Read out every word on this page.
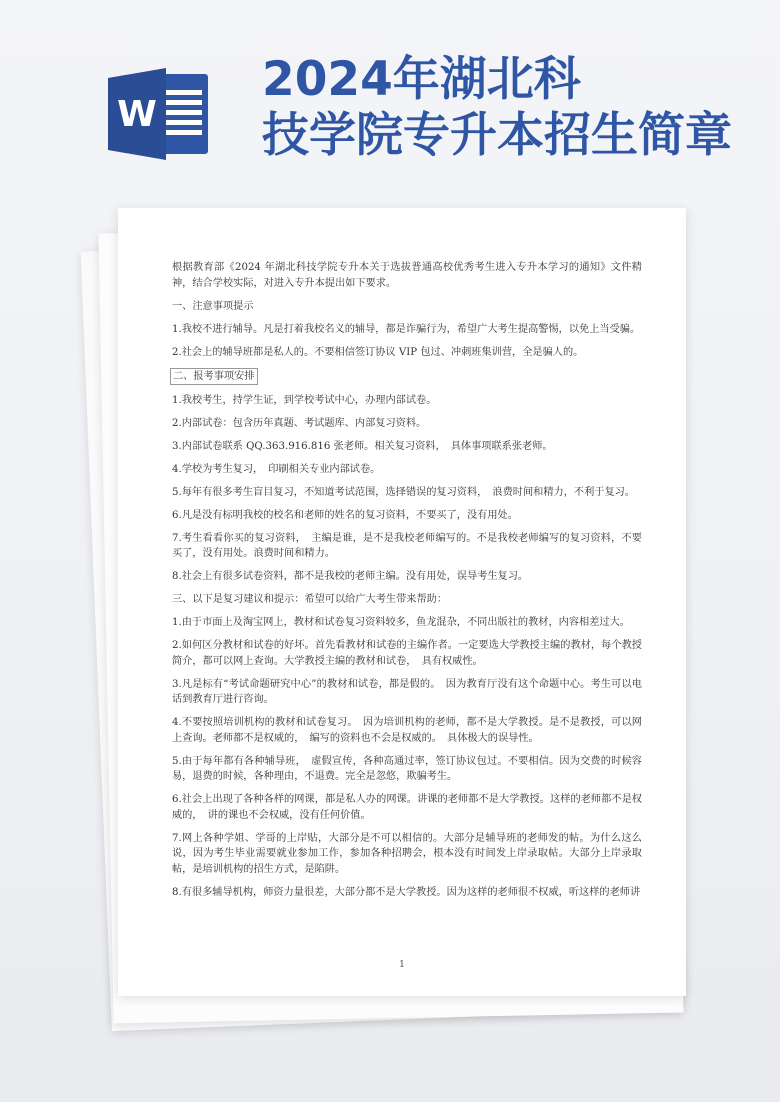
W
2024年湖北科
技学院专升本招生简章
根据教育部《2024 年湖北科技学院专升本关于选拔普通高校优秀考生进入专升本学习的通知》文件精神，结合学校实际，对进入专升本提出如下要求。
一、注意事项提示
1.我校不进行辅导。凡是打着我校名义的辅导，都是诈骗行为，希望广大考生提高警惕，以免上当受骗。
2.社会上的辅导班都是私人的。不要相信签订协议 VIP 包过、冲刺班集训营，全是骗人的。
二、报考事项安排
1.我校考生，持学生证，到学校考试中心，办理内部试卷。
2.内部试卷：包含历年真题、考试题库、内部复习资料。
3.内部试卷联系 QQ.363.916.816 张老师。相关复习资料，　具体事项联系张老师。
4.学校为考生复习，　印刷相关专业内部试卷。
5.每年有很多考生盲目复习，不知道考试范围，选择错误的复习资料，　浪费时间和精力，不利于复习。
6.凡是没有标明我校的校名和老师的姓名的复习资料，不要买了，没有用处。
7.考生看看你买的复习资料，　主编是谁，是不是我校老师编写的。不是我校老师编写的复习资料，不要买了，没有用处。浪费时间和精力。
8.社会上有很多试卷资料，都不是我校的老师主编。没有用处，误导考生复习。
三、以下是复习建议和提示：希望可以给广大考生带来帮助：
1.由于市面上及淘宝网上，教材和试卷复习资料较多，鱼龙混杂，不同出版社的教材，内容相差过大。
2.如何区分教材和试卷的好坏。首先看教材和试卷的主编作者。一定要选大学教授主编的教材，每个教授简介，都可以网上查询。大学教授主编的教材和试卷，　具有权威性。
3.凡是标有“考试命题研究中心”的教材和试卷，都是假的。　因为教育厅没有这个命题中心。考生可以电话到教育厅进行咨询。
4.不要按照培训机构的教材和试卷复习。　因为培训机构的老师，都不是大学教授。是不是教授，可以网上查询。老师都不是权威的，　编写的资料也不会是权威的。　具体极大的误导性。
5.由于每年都有各种辅导班，　虚假宣传，各种高通过率，签订协议包过。不要相信。因为交费的时候容易，退费的时候，各种理由，不退费。完全是忽悠，欺骗考生。
6.社会上出现了各种各样的网课，都是私人办的网课。讲课的老师都不是大学教授。这样的老师都不是权威的，　讲的课也不会权威，没有任何价值。
7.网上各种学姐、学哥的上岸贴，大部分是不可以相信的。大部分是辅导班的老师发的帖。为什么这么说，因为考生毕业需要就业参加工作，参加各种招聘会，根本没有时间发上岸录取帖。大部分上岸录取帖，是培训机构的招生方式，是陷阱。
8.有很多辅导机构，师资力量很差，大部分都不是大学教授。因为这样的老师很不权威，听这样的老师讲
1
